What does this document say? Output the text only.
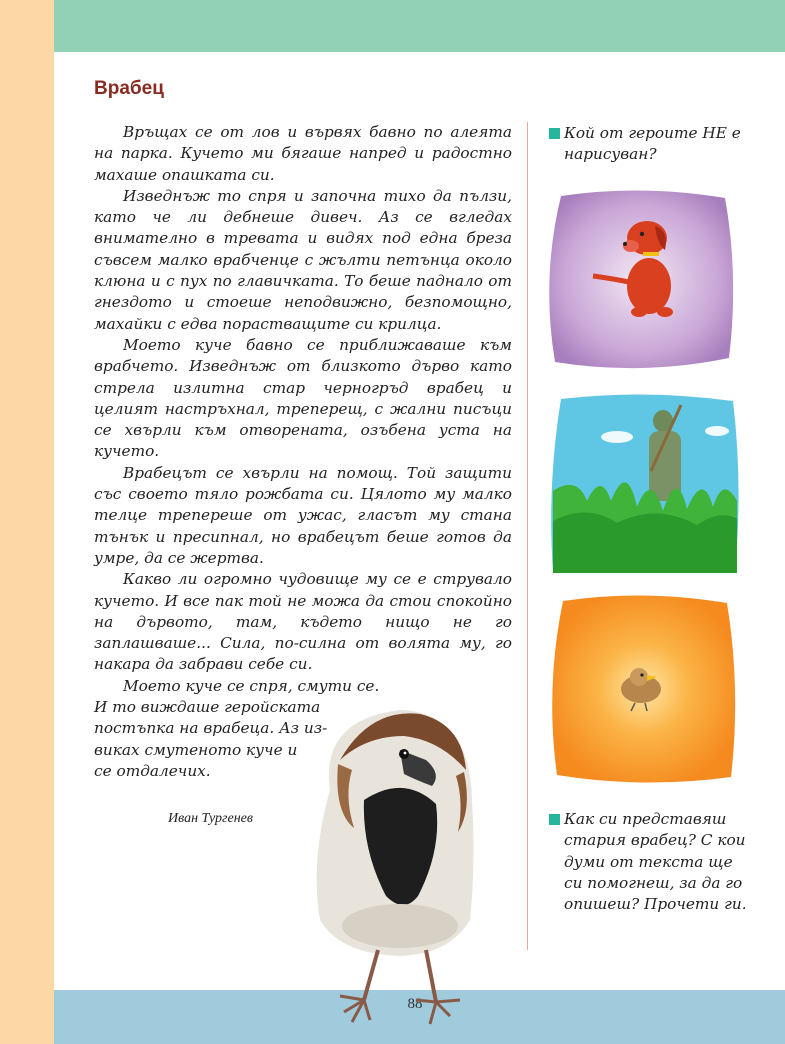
Врабец

Връщах се от лов и вървях бавно по алеята на парка. Кучето ми бягаше напред и радостно махаше опашката си.

Изведнъж то спря и започна тихо да пълзи, като че ли дебнеше дивеч. Аз се вгледах внимателно в тревата и видях под една бреза съвсем малко врабченце с жълти петънца около клюна и с пух по главичката. То беше паднало от гнездото и стоеше неподвижно, безпомощно, махайки с едва порастващите си крилца.

Моето куче бавно се приближаваше към врабчето. Изведнъж от близкото дърво като стрела излитна стар черногръд врабец и целият настръхнал, треперещ, с жални писъци се хвърли към отворената, озъбена уста на кучето.

Врабецът се хвърли на помощ. Той защити със своето тяло рожбата си. Цялото му малко телце трепереше от ужас, гласът му стана тънък и пресипнал, но врабецът беше готов да умре, да се жертва.

Какво ли огромно чудовище му се е струвало кучето. И все пак той не можа да стои спокойно на дървото, там, където нищо не го заплашваше... Сила, по-силна от волята му, го накара да забрави себе си.

Моето куче се спря, смути се.

И то виждаше геройската
постъпка на врабеца. Аз из-
виках смутеното куче и
се отдалечих.

Иван Тургенев
Кой от героите НЕ е нарисуван?
Как си представяш стария врабец? С кои думи от текста ще си помогнеш, за да го опишеш? Прочети ги.
88
